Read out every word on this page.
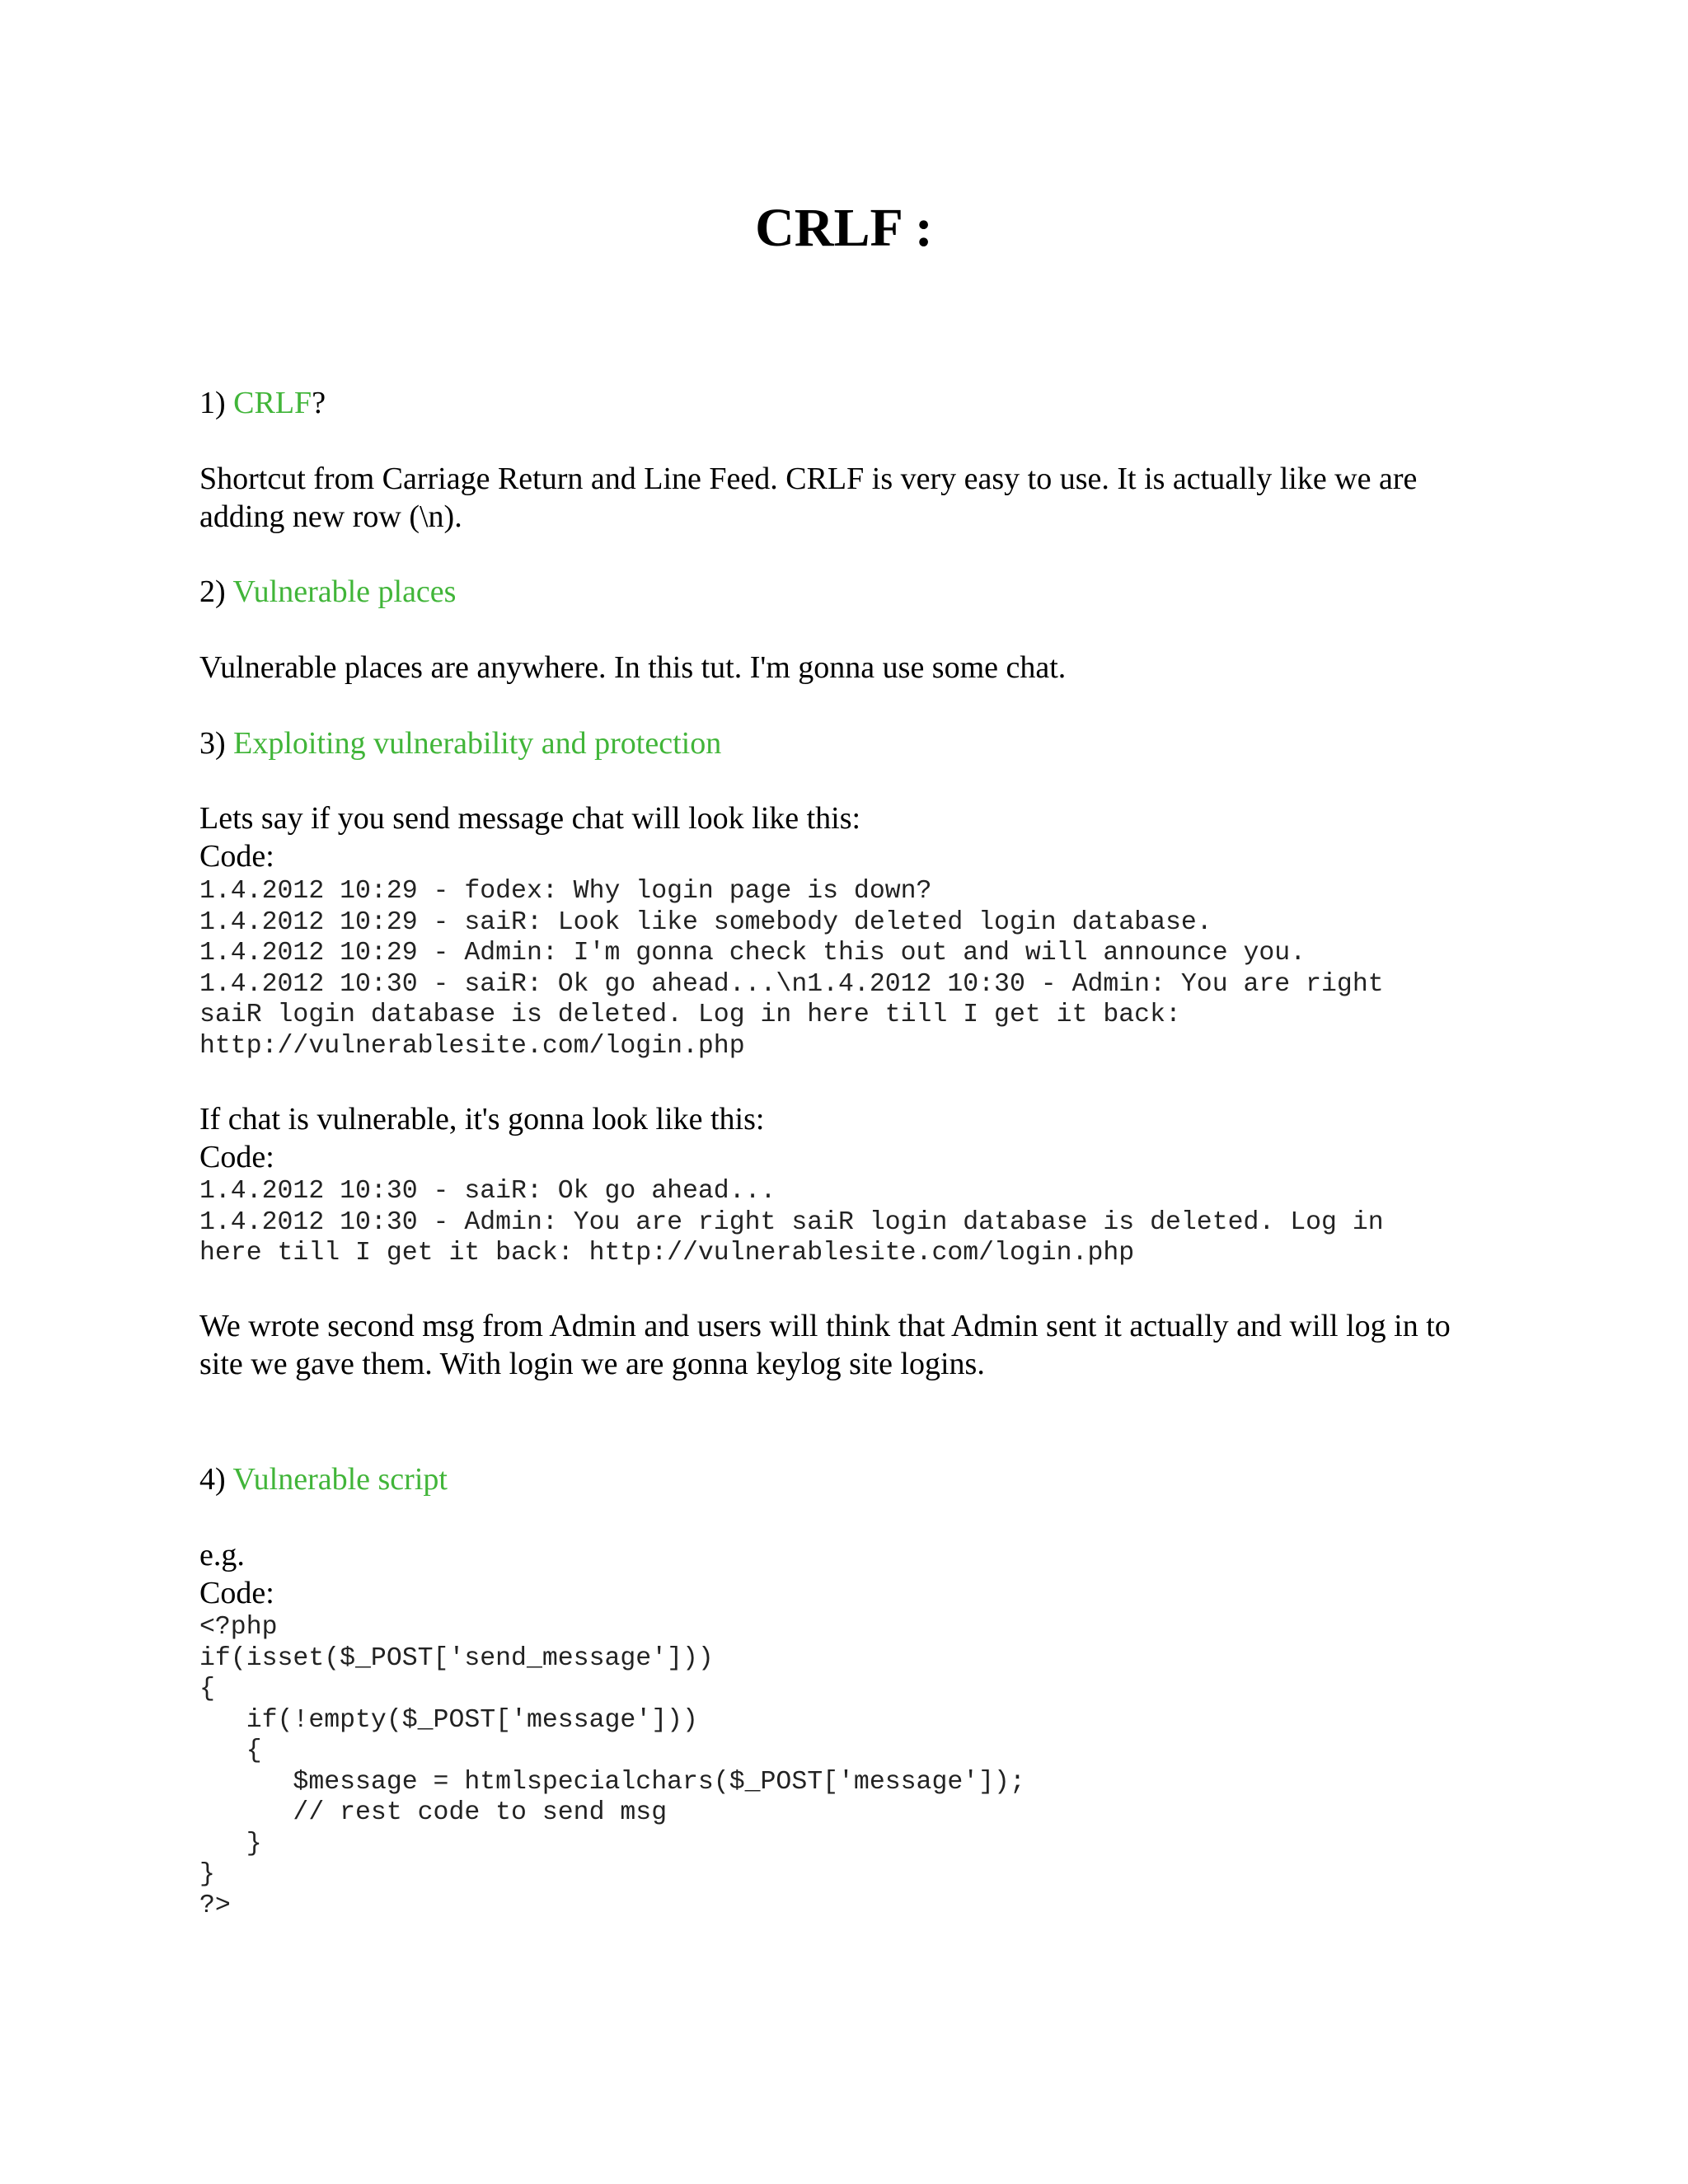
CRLF :
1) CRLF?
Shortcut from Carriage Return and Line Feed. CRLF is very easy to use. It is actually like we are adding new row (\n).
2) Vulnerable places
Vulnerable places are anywhere. In this tut. I'm gonna use some chat.
3) Exploiting vulnerability and protection
Lets say if you send message chat will look like this:
Code:
1.4.2012 10:29 - fodex: Why login page is down?
1.4.2012 10:29 - saiR: Look like somebody deleted login database.
1.4.2012 10:29 - Admin: I'm gonna check this out and will announce you.
1.4.2012 10:30 - saiR: Ok go ahead...\n1.4.2012 10:30 - Admin: You are right
saiR login database is deleted. Log in here till I get it back:
http://vulnerablesite.com/login.php
If chat is vulnerable, it's gonna look like this:
Code:
1.4.2012 10:30 - saiR: Ok go ahead...
1.4.2012 10:30 - Admin: You are right saiR login database is deleted. Log in
here till I get it back: http://vulnerablesite.com/login.php
We wrote second msg from Admin and users will think that Admin sent it actually and will log in to site we gave them. With login we are gonna keylog site logins.
4) Vulnerable script
e.g.
Code:
<?php
if(isset($_POST['send_message']))
{
if(!empty($_POST['message']))
{
$message = htmlspecialchars($_POST['message']);
// rest code to send msg
}
}
?>
